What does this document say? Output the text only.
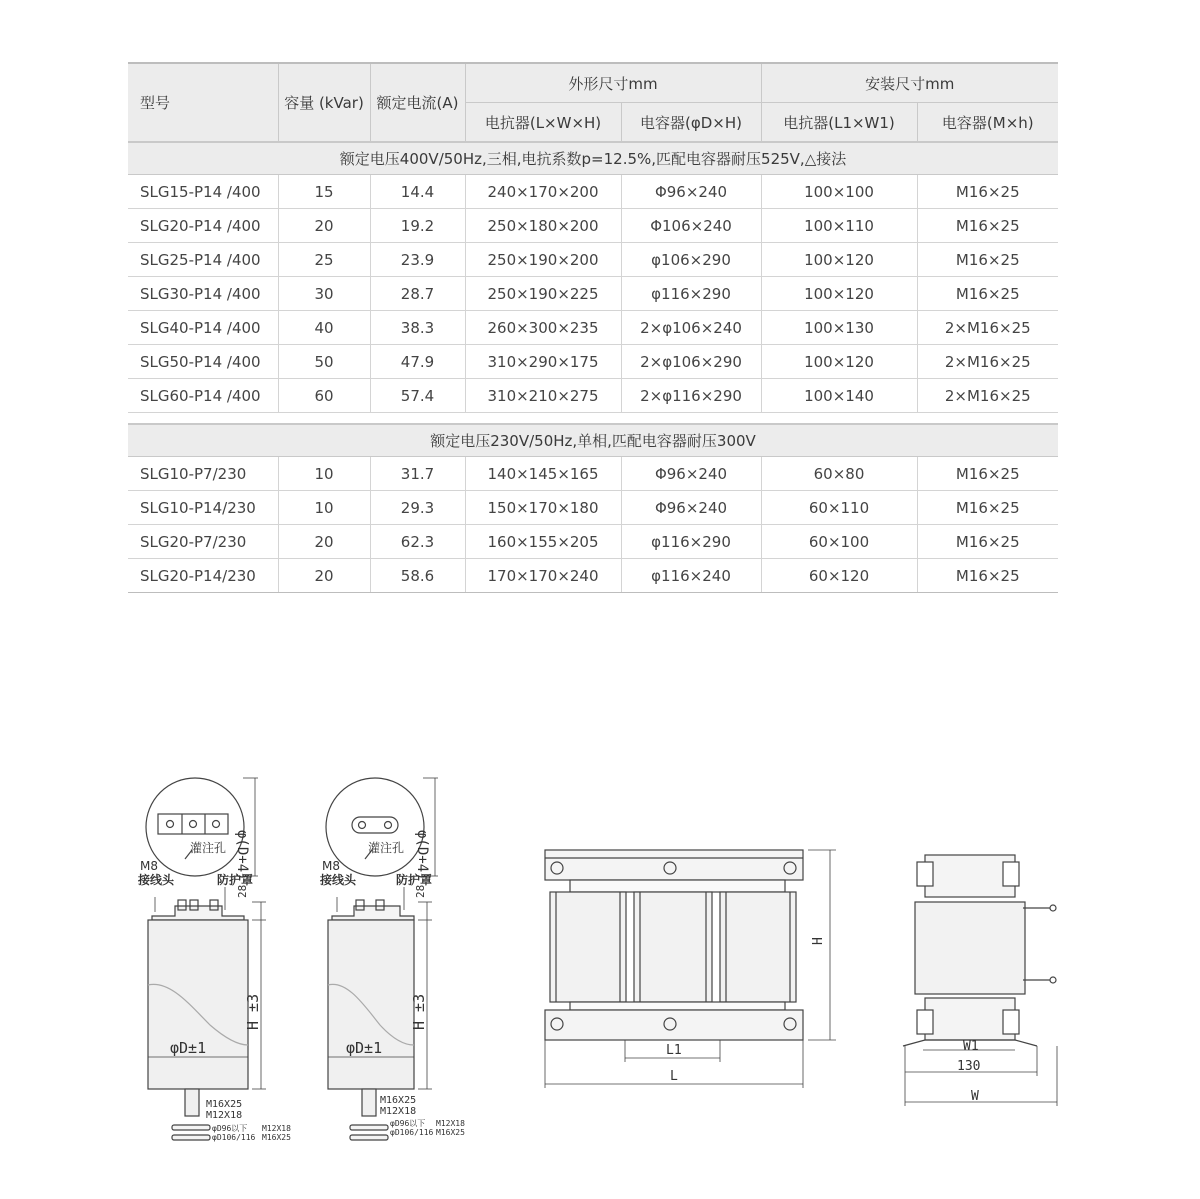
型号	容量 (kVar)	额定电流(A)	外形尺寸mm		安装尺寸mm	
			电抗器(L×W×H)	电容器(φD×H)	电抗器(L1×W1)	电容器(M×h)
额定电压400V/50Hz,三相,电抗系数p=12.5%,匹配电容器耐压525V,△接法						
SLG15-P14 /400	15	14.4	240×170×200	Φ96×240	100×100	M16×25
SLG20-P14 /400	20	19.2	250×180×200	Φ106×240	100×110	M16×25
SLG25-P14 /400	25	23.9	250×190×200	φ106×290	100×120	M16×25
SLG30-P14 /400	30	28.7	250×190×225	φ116×290	100×120	M16×25
SLG40-P14 /400	40	38.3	260×300×235	2×φ106×240	100×130	2×M16×25
SLG50-P14 /400	50	47.9	310×290×175	2×φ106×290	100×120	2×M16×25
SLG60-P14 /400	60	57.4	310×210×275	2×φ116×290	100×140	2×M16×25

额定电压230V/50Hz,单相,匹配电容器耐压300V						
SLG10-P7/230	10	31.7	140×145×165	Φ96×240	60×80	M16×25
SLG10-P14/230	10	29.3	150×170×180	Φ96×240	60×110	M16×25
SLG20-P7/230	20	62.3	160×155×205	φ116×290	60×100	M16×25
SLG20-P14/230	20	58.6	170×170×240	φ116×240	60×120	M16×25
φ(D+4)
灌注孔
M8
接线头	防护罩
28
H ±3
φD±1
M16X25
M12X18
φD96以下 M12X18
φD106/116 M16X25
φ(D+4)
灌注孔
M8
接线头	防护罩
28
H ±3
φD±1
M16X25
M12X18
φD96以下 M12X18
φD106/116 M16X25
H
L1
L
W1
130
W
